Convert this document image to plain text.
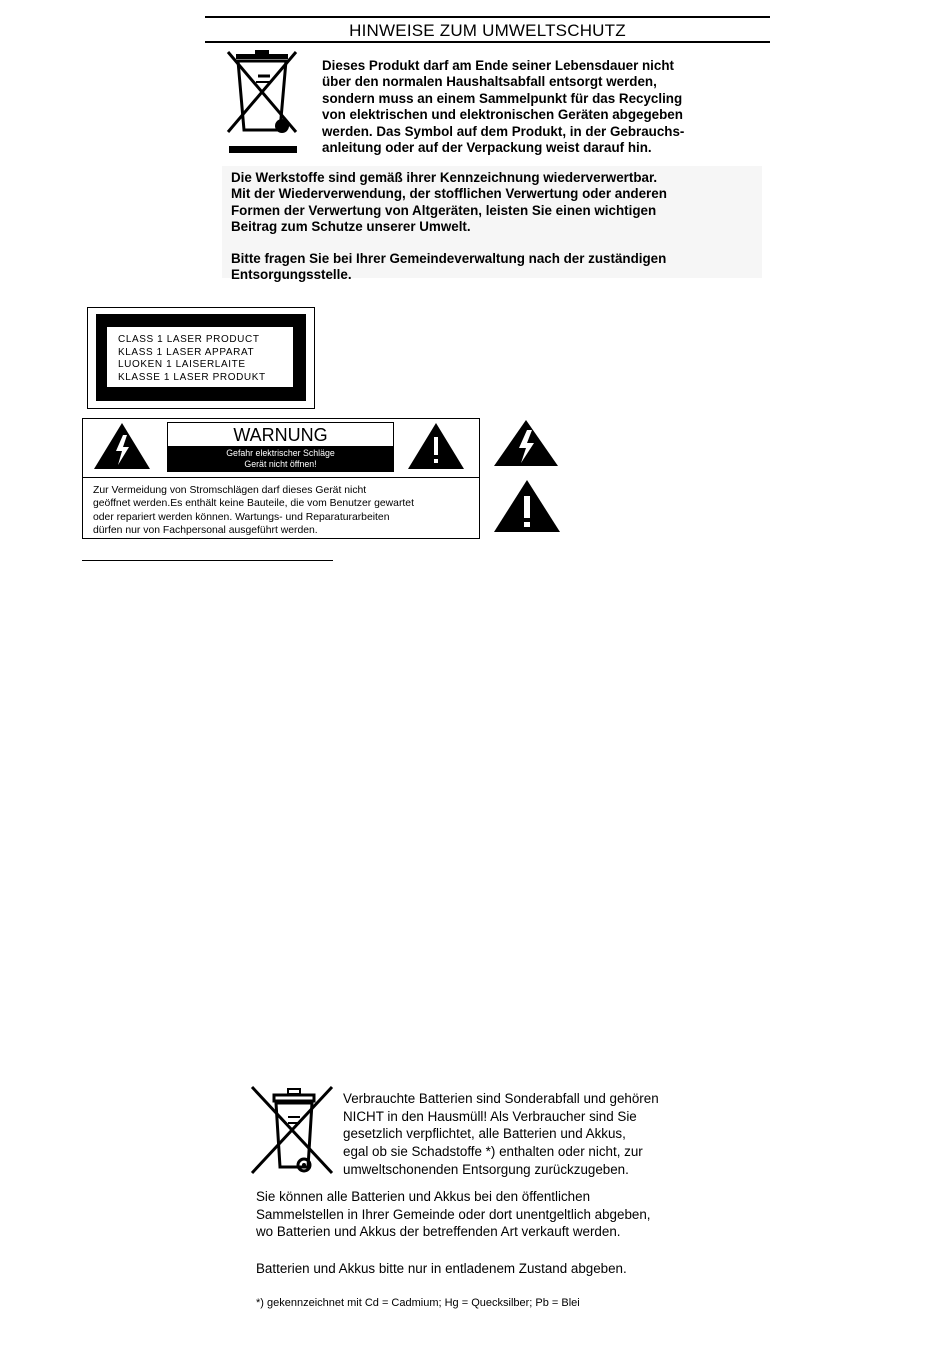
HINWEISE ZUM UMWELTSCHUTZ
Dieses Produkt darf am Ende seiner Lebensdauer nicht
über den normalen Haushaltsabfall entsorgt werden,
sondern muss an einem Sammelpunkt für das Recycling
von elektrischen und elektronischen Geräten abgegeben
werden. Das Symbol auf dem Produkt, in der Gebrauchs-
anleitung oder auf der Verpackung weist darauf hin.
Die Werkstoffe sind gemäß ihrer Kennzeichnung wiederverwertbar.
Mit der Wiederverwendung, der stofflichen Verwertung oder anderen
Formen der Verwertung von Altgeräten, leisten Sie einen wichtigen
Beitrag zum Schutze unserer Umwelt.
Bitte fragen Sie bei Ihrer Gemeindeverwaltung nach der zuständigen
Entsorgungsstelle.
CLASS 1 LASER PRODUCT
KLASS 1 LASER APPARAT
LUOKEN 1 LAISERLAITE
KLASSE 1 LASER PRODUKT
WARNUNG
Gefahr elektrischer Schläge
Gerät nicht öffnen!
Zur Vermeidung von Stromschlägen darf dieses Gerät nicht
geöffnet werden.Es enthält keine Bauteile, die vom Benutzer gewartet
oder repariert werden können. Wartungs- und Reparaturarbeiten
dürfen nur von Fachpersonal ausgeführt werden.
Verbrauchte Batterien sind Sonderabfall und gehören
NICHT in den Hausmüll! Als Verbraucher sind Sie
gesetzlich verpflichtet, alle Batterien und Akkus,
egal ob sie Schadstoffe *) enthalten oder nicht, zur
umweltschonenden Entsorgung zurückzugeben.
Sie können alle Batterien und Akkus bei den öffentlichen
Sammelstellen in Ihrer Gemeinde oder dort unentgeltlich abgeben,
wo Batterien und Akkus der betreffenden Art verkauft werden.
Batterien und Akkus bitte nur in entladenem Zustand abgeben.
*) gekennzeichnet mit Cd = Cadmium; Hg = Quecksilber; Pb = Blei
